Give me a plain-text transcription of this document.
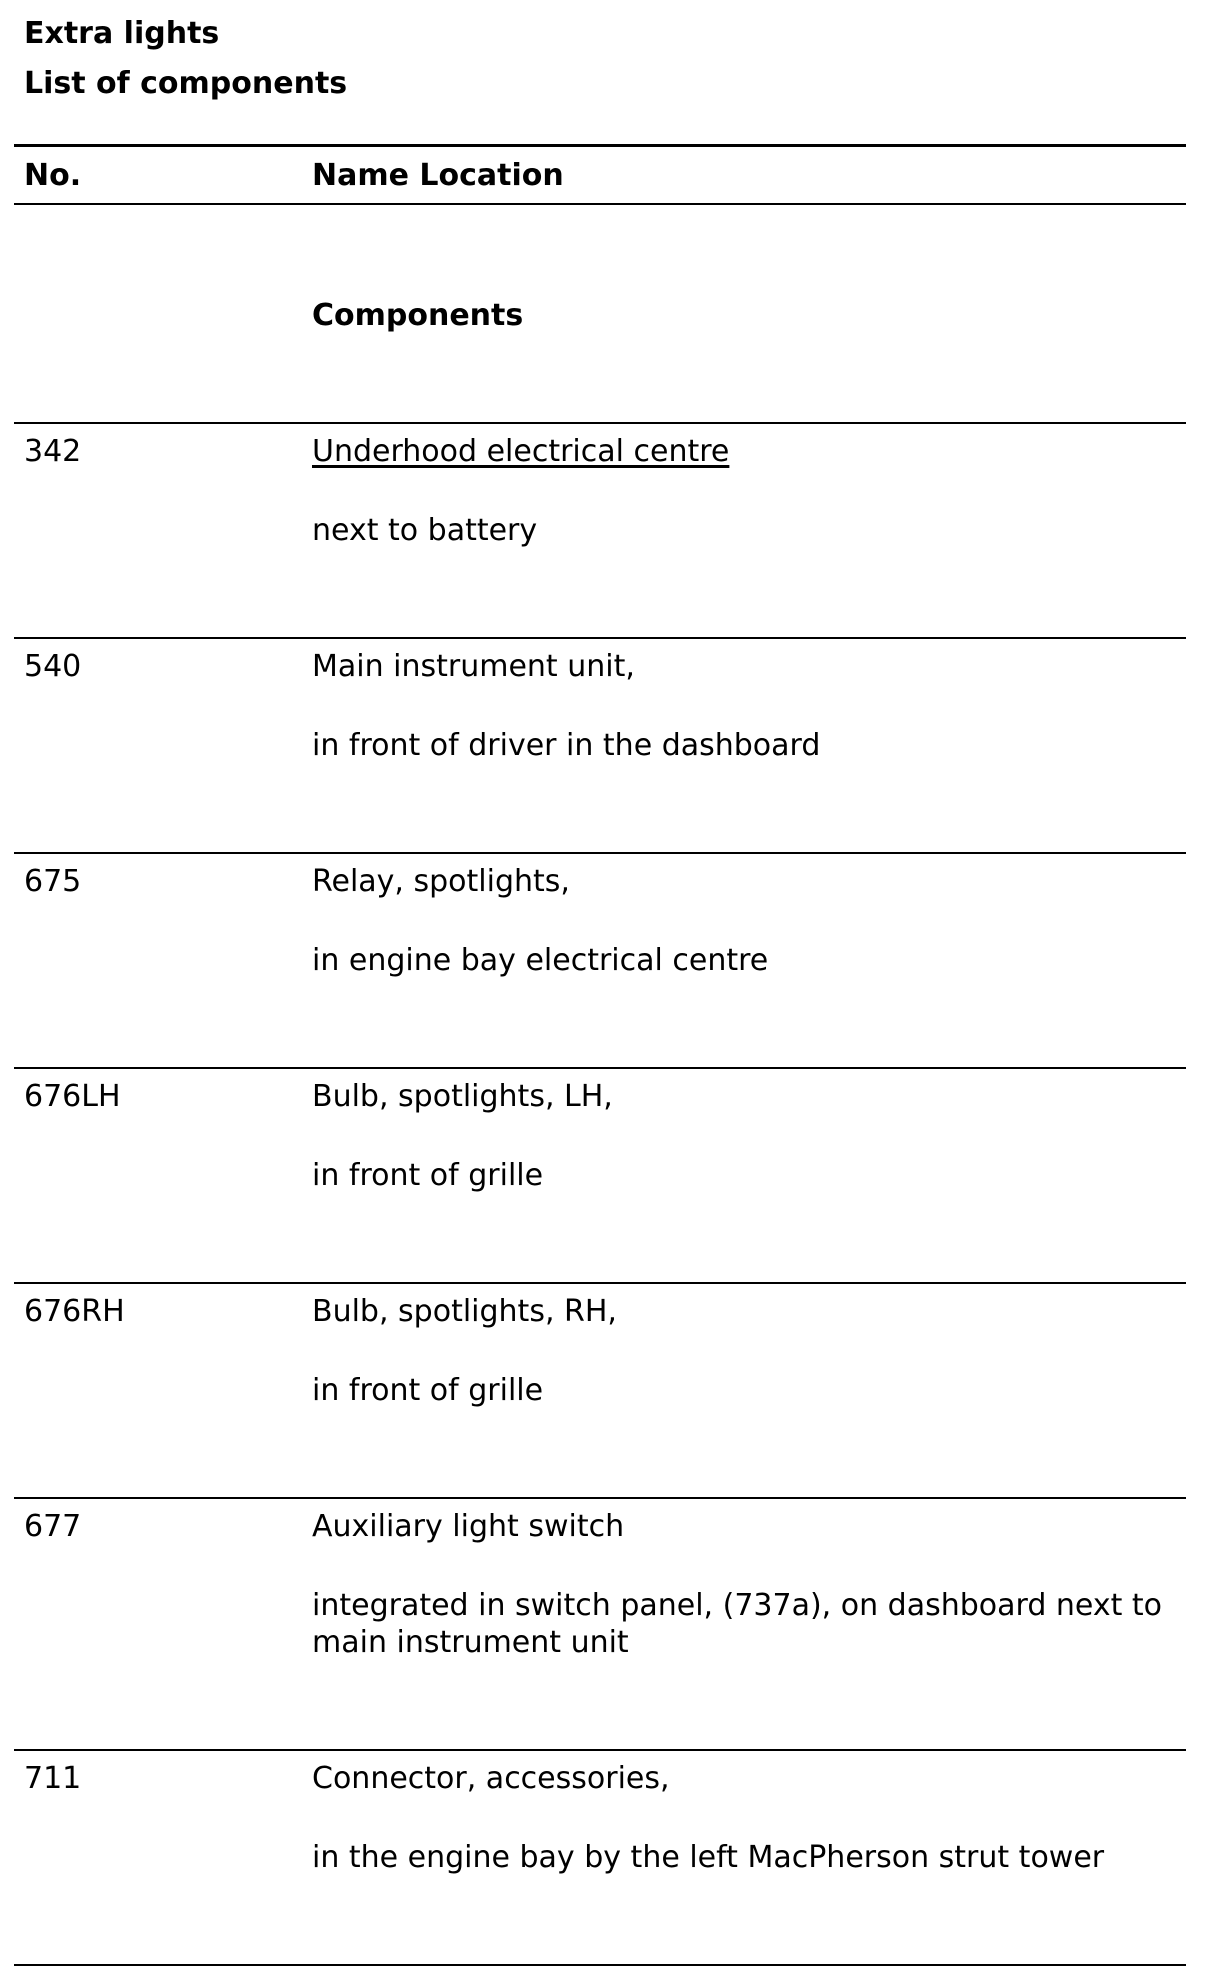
Extra lights
List of components
No.	Name Location
Components
342	Underhood electrical centre
next to battery
540	Main instrument unit,
in front of driver in the dashboard
675	Relay, spotlights,
in engine bay electrical centre
676LH	Bulb, spotlights, LH,
in front of grille
676RH	Bulb, spotlights, RH,
in front of grille
677	Auxiliary light switch
integrated in switch panel, (737a), on dashboard next to main instrument unit
711	Connector, accessories,
in the engine bay by the left MacPherson strut tower
